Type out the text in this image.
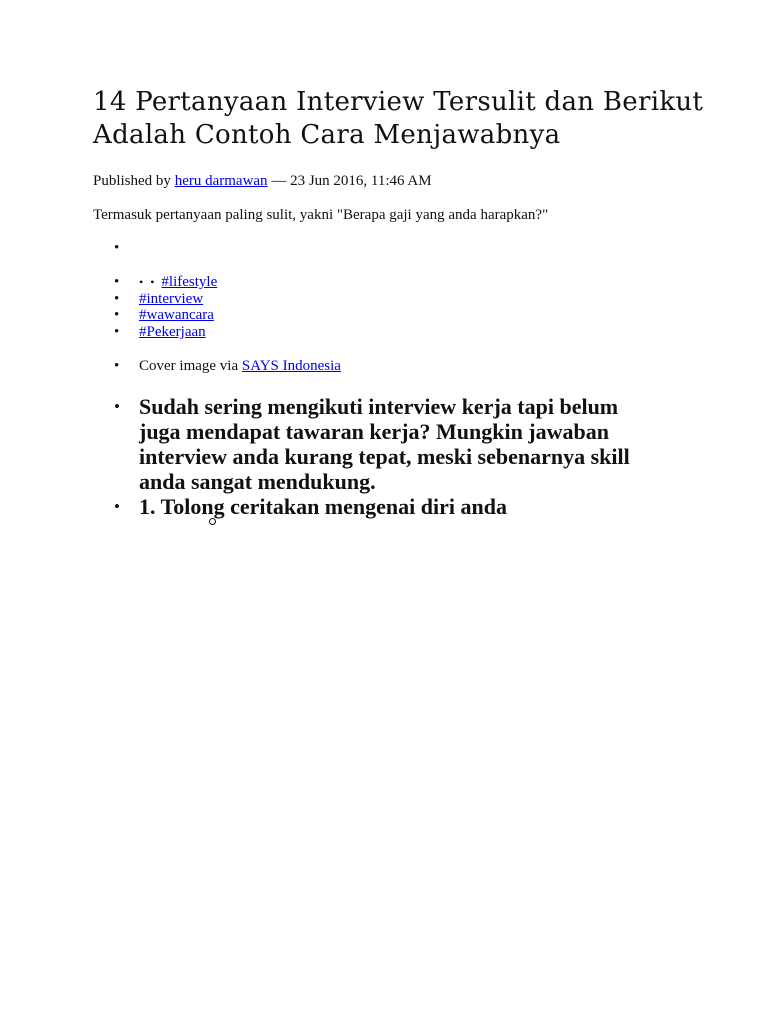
14 Pertanyaan Interview Tersulit dan Berikut Adalah Contoh Cara Menjawabnya
Published by heru darmawan — 23 Jun 2016, 11:46 AM
Termasuk pertanyaan paling sulit, yakni "Berapa gaji yang anda harapkan?"
•
•
••#lifestyle
•
#interview
•
#wawancara
•
#Pekerjaan
•
Cover image via SAYS Indonesia
•
Sudah sering mengikuti interview kerja tapi belum juga mendapat tawaran kerja? Mungkin jawaban interview anda kurang tepat, meski sebenarnya skill anda sangat mendukung.
•
1. Tolong ceritakan mengenai diri anda
